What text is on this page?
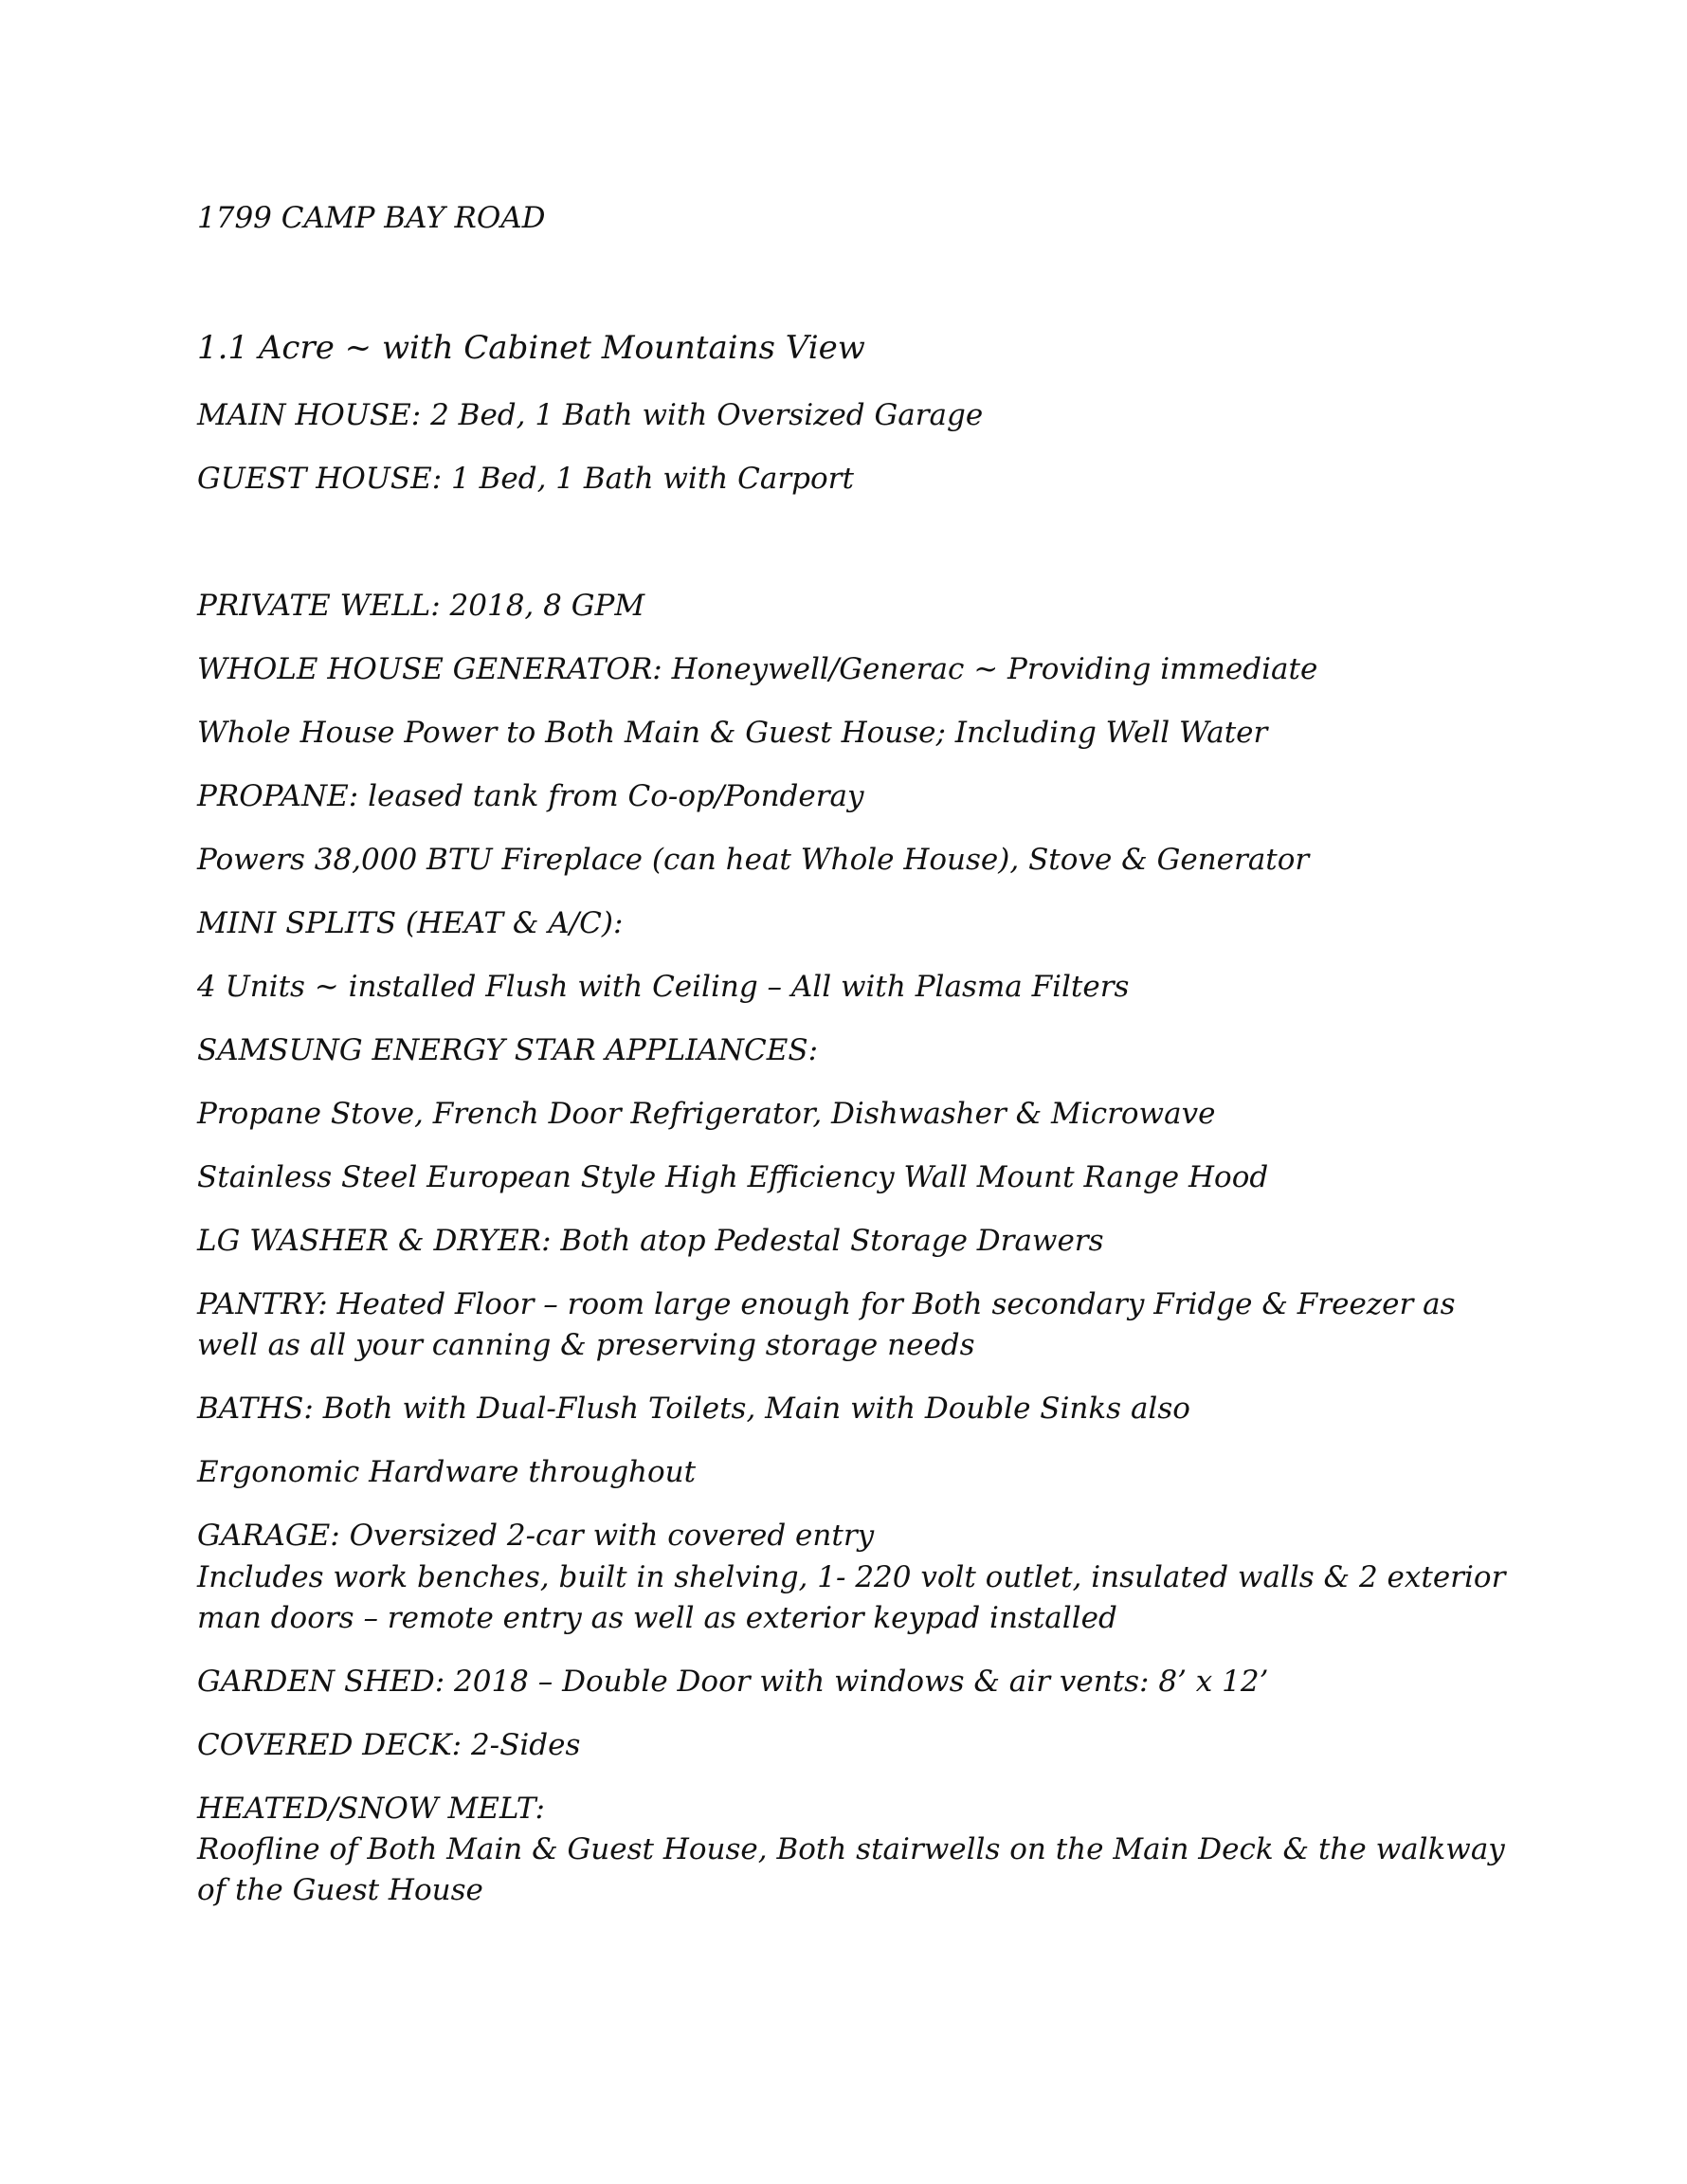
1799 CAMP BAY ROAD

1.1 Acre ~ with Cabinet Mountains View

MAIN HOUSE: 2 Bed, 1 Bath with Oversized Garage

GUEST HOUSE: 1 Bed, 1 Bath with Carport

PRIVATE WELL: 2018, 8 GPM

WHOLE HOUSE GENERATOR: Honeywell/Generac ~ Providing immediate

Whole House Power to Both Main & Guest House; Including Well Water

PROPANE: leased tank from Co-op/Ponderay

Powers 38,000 BTU Fireplace (can heat Whole House), Stove & Generator

MINI SPLITS (HEAT & A/C):

4 Units ~ installed Flush with Ceiling – All with Plasma Filters

SAMSUNG ENERGY STAR APPLIANCES:

Propane Stove, French Door Refrigerator, Dishwasher & Microwave

Stainless Steel European Style High Efficiency Wall Mount Range Hood

LG WASHER & DRYER: Both atop Pedestal Storage Drawers

PANTRY: Heated Floor – room large enough for Both secondary Fridge & Freezer as

well as all your canning & preserving storage needs

BATHS: Both with Dual-Flush Toilets, Main with Double Sinks also

Ergonomic Hardware throughout

GARAGE: Oversized 2-car with covered entry

Includes work benches, built in shelving, 1- 220 volt outlet, insulated walls & 2 exterior

man doors – remote entry as well as exterior keypad installed

GARDEN SHED: 2018 – Double Door with windows & air vents: 8’ x 12’

COVERED DECK: 2-Sides

HEATED/SNOW MELT:

Roofline of Both Main & Guest House, Both stairwells on the Main Deck & the walkway

of the Guest House
